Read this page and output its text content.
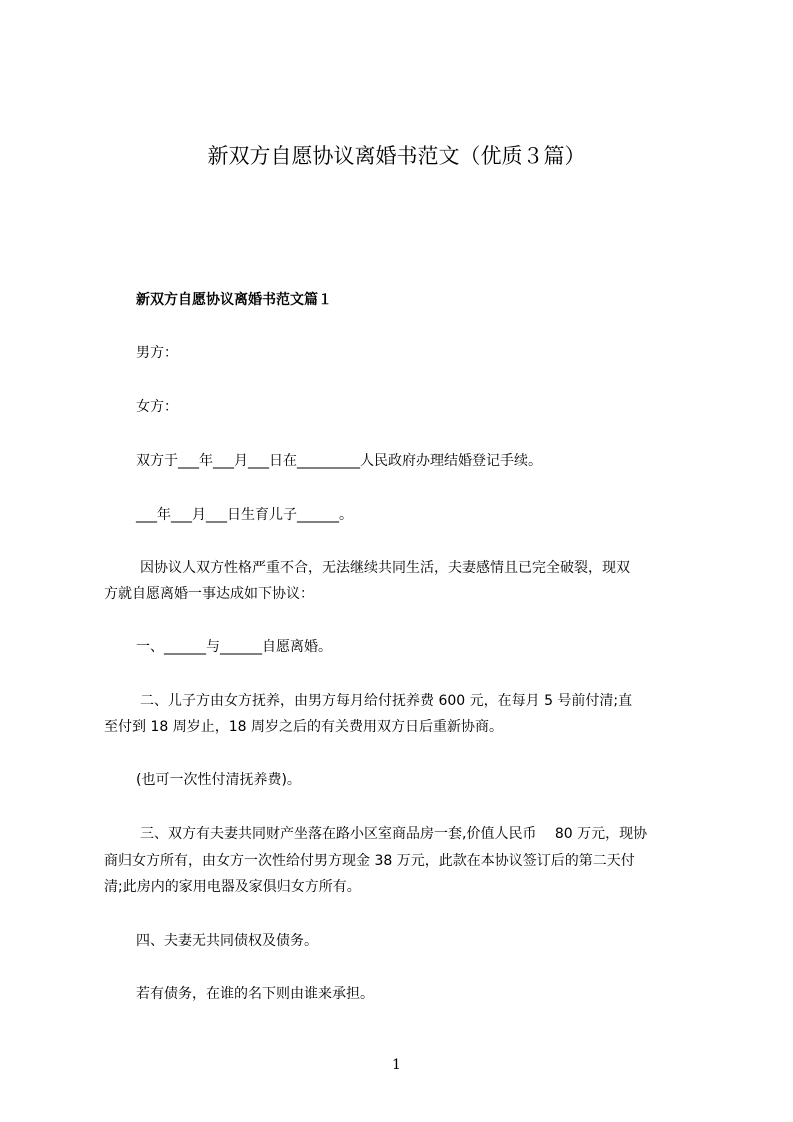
新双方自愿协议离婚书范文（优质３篇）
新双方自愿协议离婚书范文篇１
男方：
女方：
双方于___年___月___日在_________人民政府办理结婚登记手续。
___年___月___日生育儿子______。
因协议人双方性格严重不合，无法继续共同生活，夫妻感情且已完全破裂，现双
方就自愿离婚一事达成如下协议：
一、______与______自愿离婚。
二、儿子方由女方抚养，由男方每月给付抚养费 600 元，在每月 5 号前付清;直
至付到 18 周岁止，18 周岁之后的有关费用双方日后重新协商。
(也可一次性付清抚养费)。
三、双方有夫妻共同财产坐落在路小区室商品房一套,价值人民币　 80 万元，现协
商归女方所有，由女方一次性给付男方现金 38 万元，此款在本协议签订后的第二天付
清;此房内的家用电器及家俱归女方所有。
四、夫妻无共同债权及债务。
若有债务，在谁的名下则由谁来承担。
1
